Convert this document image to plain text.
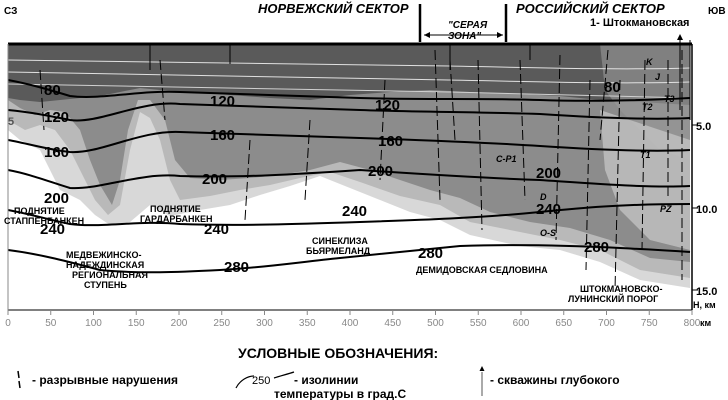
СЗ	ЮВ
НОРВЕЖСКИЙ СЕКТОР	РОССИЙСКИЙ СЕКТОР
"СЕРАЯ
ЗОНА"
1- Штокмановская
80	80
120
120	120
160
160	160
200
200	200	200
240	240
240	240
280
280	280
ПОДНЯТИЕ
СТАППЕНБАНКЕН
ПОДНЯТИЕ
ГАРДАРБАНКЕН
МЕДВЕЖИНСКО-
НАДЕЖДИНСКАЯ
РЕГИОНАЛЬНАЯ
СТУПЕНЬ
СИНЕКЛИЗА
БЬЯРМЕЛАНД
ДЕМИДОВСКАЯ СЕДЛОВИНА
ШТОКМАНОВСКО-
ЛУНИНСКИЙ ПОРОГ
K
J
T3
T2
T1
PZ
C-P1
D
O-S
5.0
10.0
15.0
Н, км
5
0	50	100	150	200	250	300	350	400	450	500	550	600	650	700	750	800 км
УСЛОВНЫЕ ОБОЗНАЧЕНИЯ:
- разрывные нарушения	250 - изолинии
температуры в град.С
- скважины глубокого
